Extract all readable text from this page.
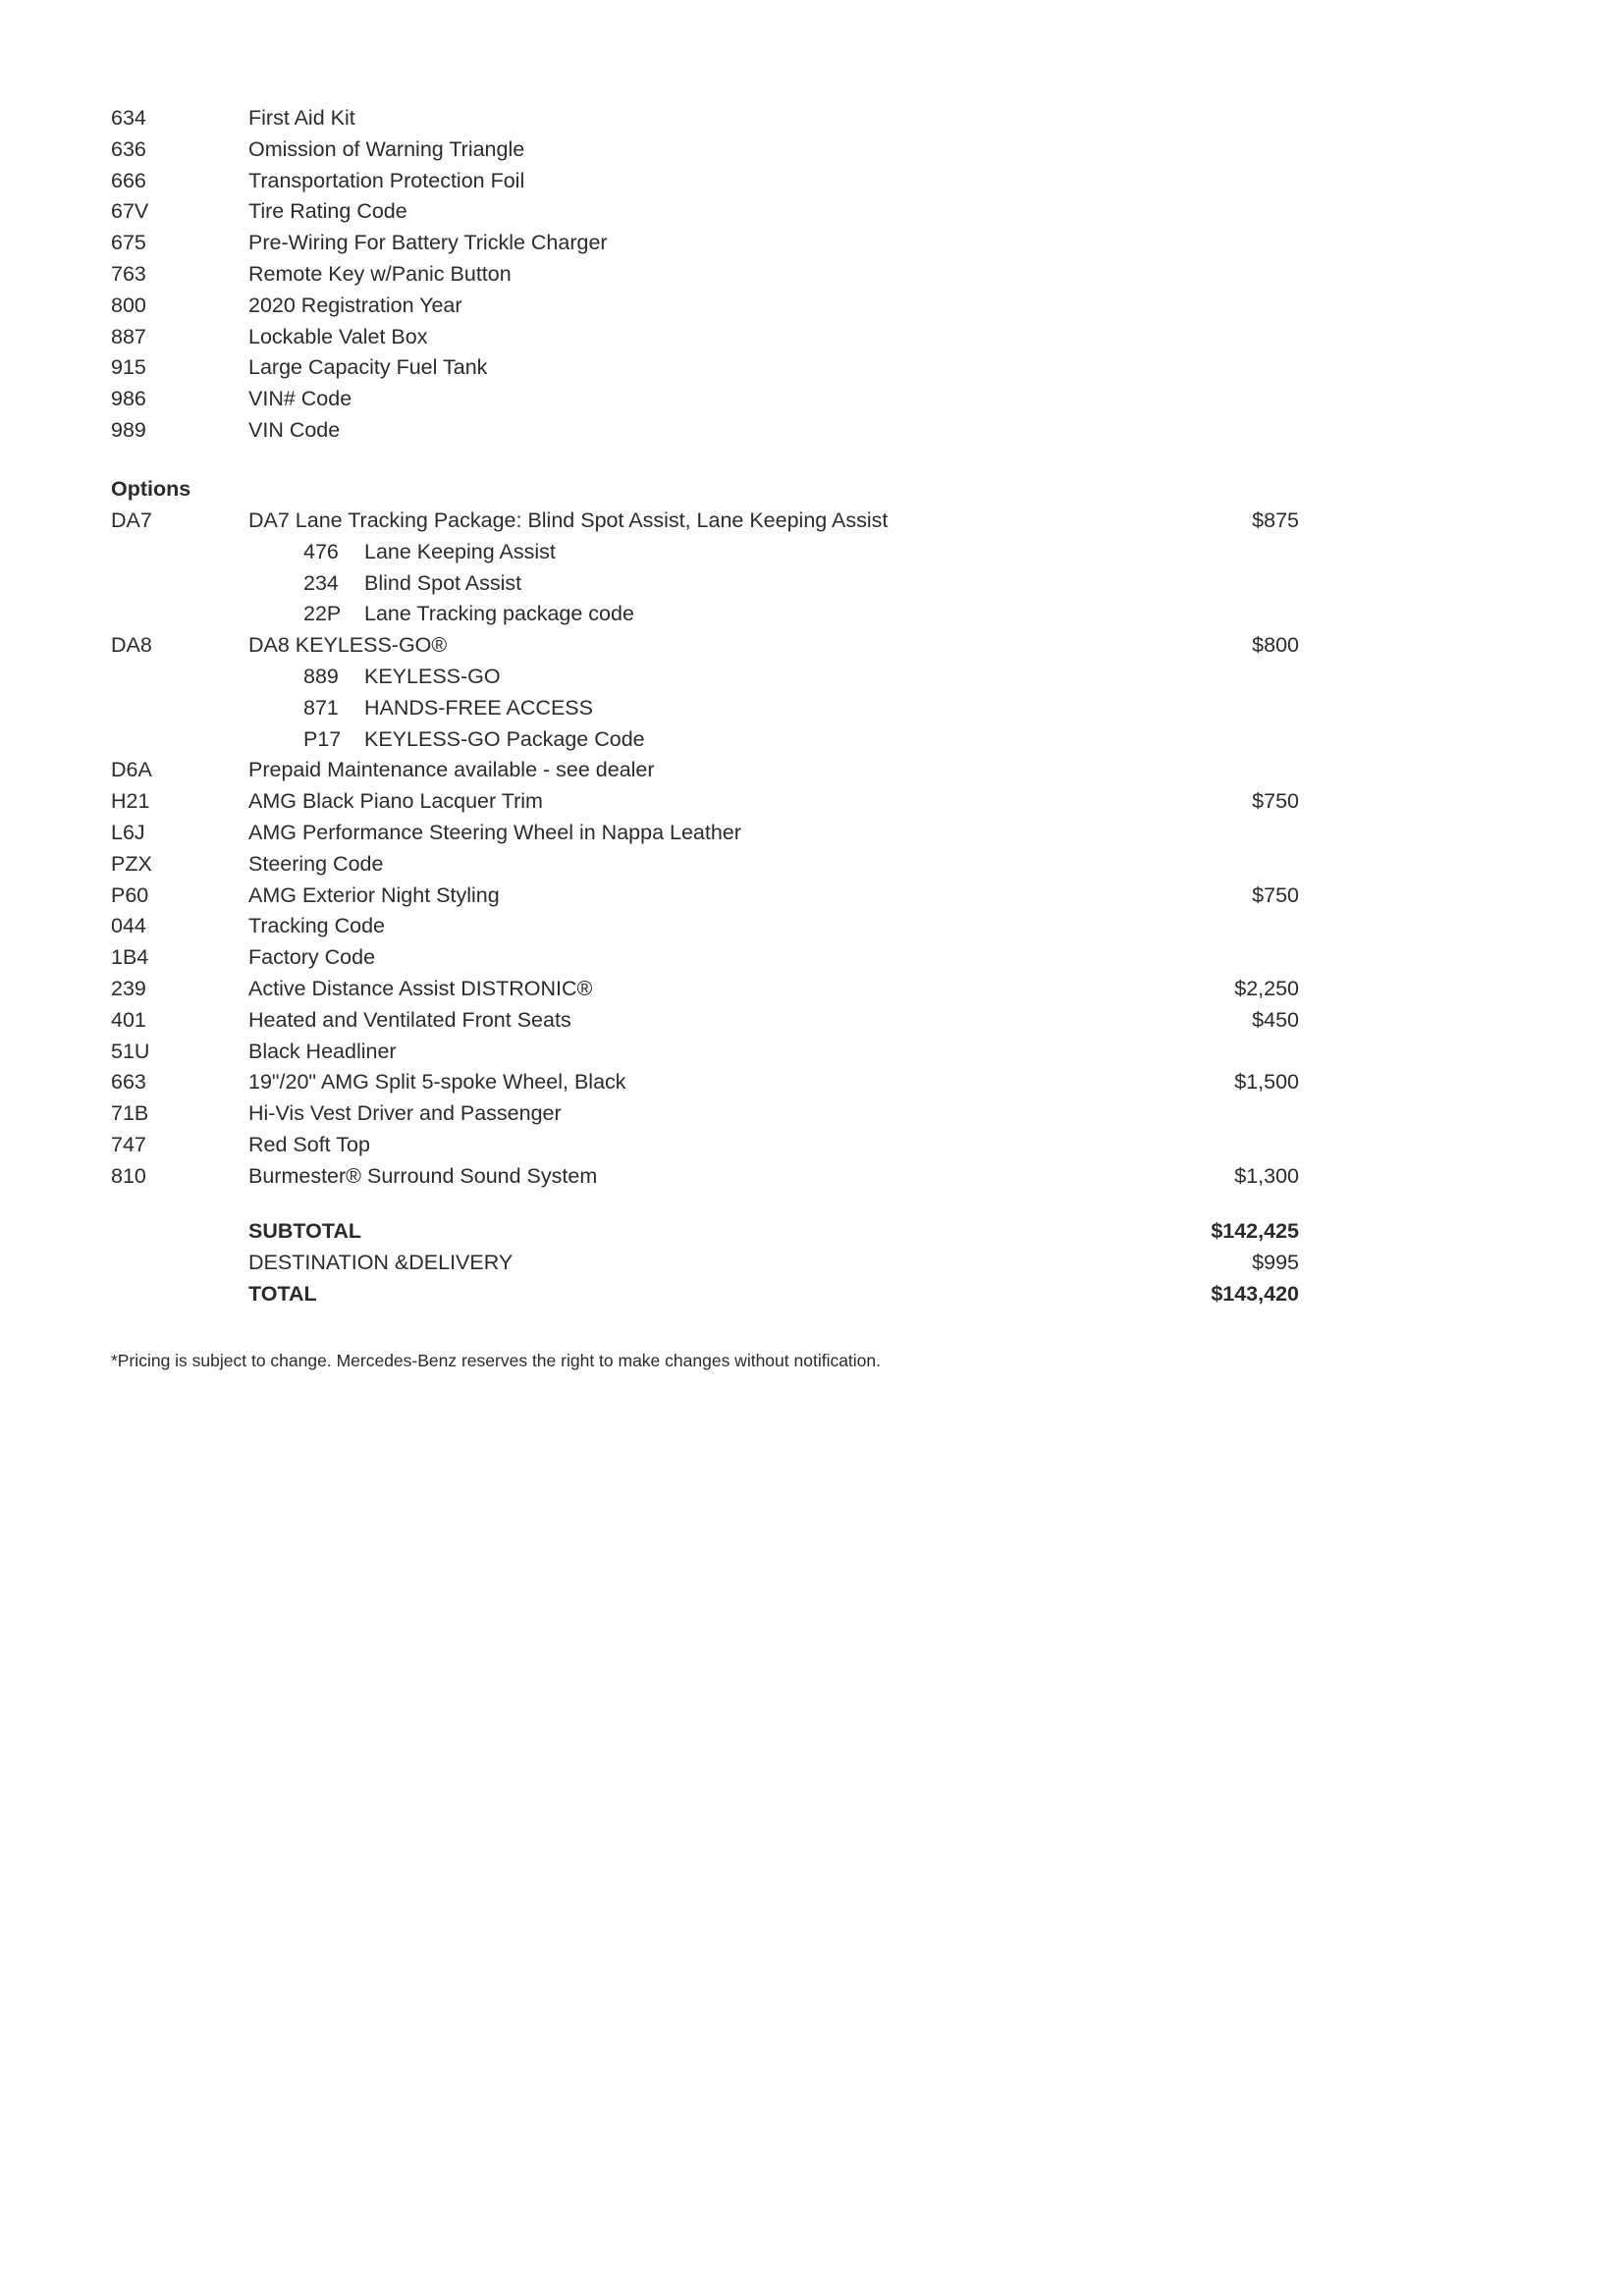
634	First Aid Kit
636	Omission of Warning Triangle
666	Transportation Protection Foil
67V	Tire Rating Code
675	Pre-Wiring For Battery Trickle Charger
763	Remote Key w/Panic Button
800	2020 Registration Year
887	Lockable Valet Box
915	Large Capacity Fuel Tank
986	VIN# Code
989	VIN Code
Options
DA7	DA7 Lane Tracking Package: Blind Spot Assist, Lane Keeping Assist	$875
476 Lane Keeping Assist
234 Blind Spot Assist
22P Lane Tracking package code
DA8	DA8 KEYLESS-GO®	$800
889 KEYLESS-GO
871 HANDS-FREE ACCESS
P17 KEYLESS-GO Package Code
D6A	Prepaid Maintenance available - see dealer
H21	AMG Black Piano Lacquer Trim	$750
L6J	AMG Performance Steering Wheel in Nappa Leather
PZX	Steering Code
P60	AMG Exterior Night Styling	$750
044	Tracking Code
1B4	Factory Code
239	Active Distance Assist DISTRONIC®	$2,250
401	Heated and Ventilated Front Seats	$450
51U	Black Headliner
663	19"/20" AMG Split 5-spoke Wheel, Black	$1,500
71B	Hi-Vis Vest Driver and Passenger
747	Red Soft Top
810	Burmester® Surround Sound System	$1,300
SUBTOTAL	$142,425
DESTINATION &DELIVERY	$995
TOTAL	$143,420
*Pricing is subject to change. Mercedes-Benz reserves the right to make changes without notification.
